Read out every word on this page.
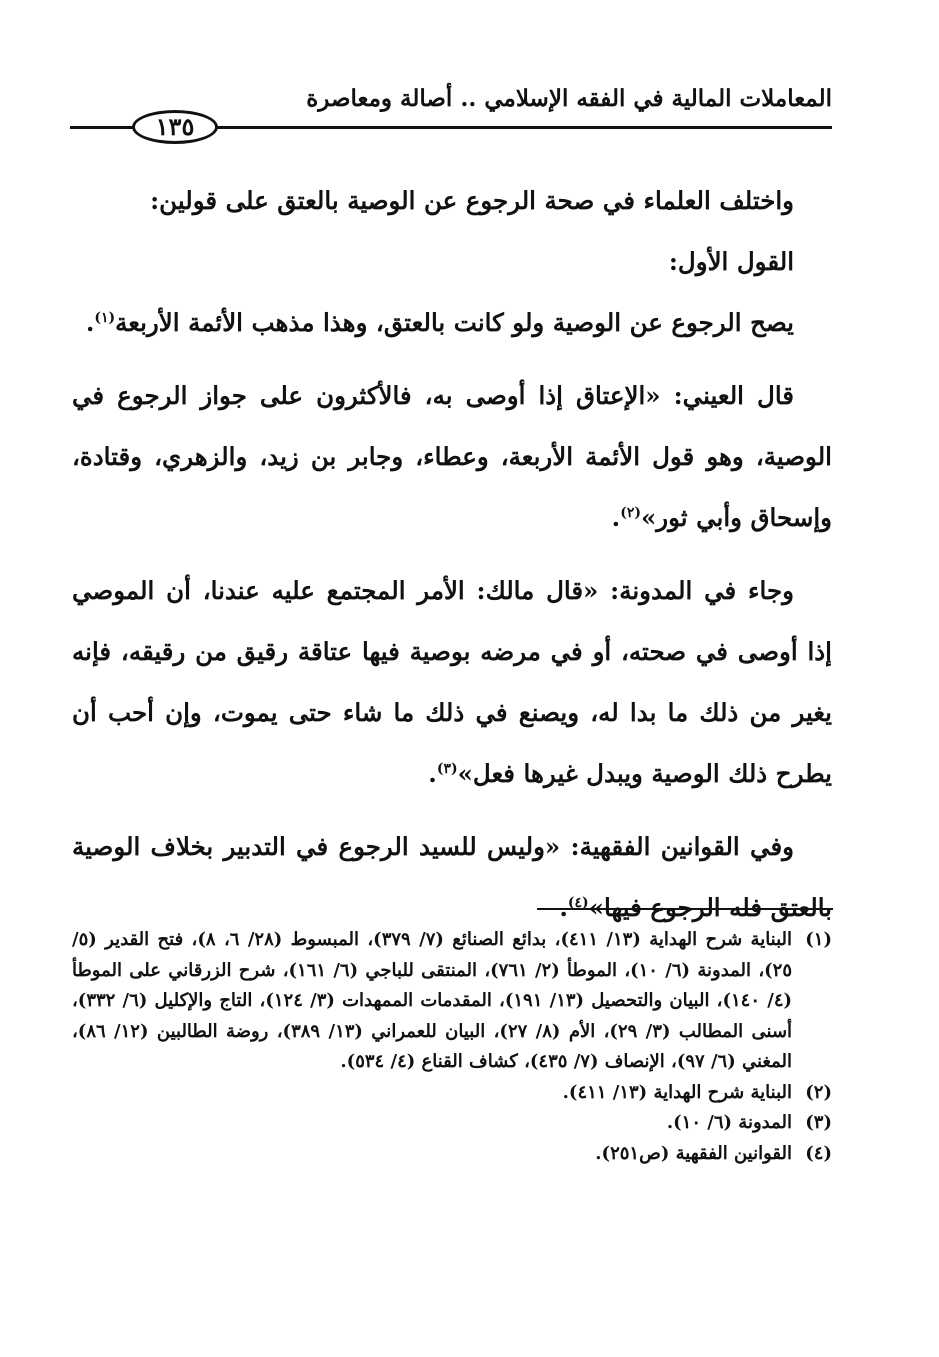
المعاملات المالية في الفقه الإسلامي .. أصالة ومعاصرة
١٣٥

واختلف العلماء في صحة الرجوع عن الوصية بالعتق على قولين:

القول الأول:

يصح الرجوع عن الوصية ولو كانت بالعتق، وهذا مذهب الأئمة الأربعة$^{(١)}$.

قال العيني: «الإعتاق إذا أوصى به، فالأكثرون على جواز الرجوع في الوصية، وهو قول الأئمة الأربعة، وعطاء، وجابر بن زيد، والزهري، وقتادة، وإسحاق وأبي ثور»$^{(٢)}$.

وجاء في المدونة: «قال مالك: الأمر المجتمع عليه عندنا، أن الموصي إذا أوصى في صحته، أو في مرضه بوصية فيها عتاقة رقيق من رقيقه، فإنه يغير من ذلك ما بدا له، ويصنع في ذلك ما شاء حتى يموت، وإن أحب أن يطرح ذلك الوصية ويبدل غيرها فعل»$^{(٣)}$.

وفي القوانين الفقهية: «وليس للسيد الرجوع في التدبير بخلاف الوصية بالعتق فله الرجوع فيها»$^{(٤)}$.

(١)
البناية شرح الهداية (١٣/ ٤١١)، بدائع الصنائع (٧/ ٣٧٩)، المبسوط (٢٨/ ٦، ٨)، فتح القدير (٥/ ٢٥)، المدونة (٦/ ١٠)، الموطأ (٢/ ٧٦١)، المنتقى للباجي (٦/ ١٦١)، شرح الزرقاني على الموطأ (٤/ ١٤٠)، البيان والتحصيل (١٣/ ١٩١)، المقدمات الممهدات (٣/ ١٢٤)، التاج والإكليل (٦/ ٣٣٢)، أسنى المطالب (٣/ ٢٩)، الأم (٨/ ٢٧)، البيان للعمراني (١٣/ ٣٨٩)، روضة الطالبين (١٢/ ٨٦)، المغني (٦/ ٩٧)، الإنصاف (٧/ ٤٣٥)، كشاف القناع (٤/ ٥٣٤).
(٢)
البناية شرح الهداية (١٣/ ٤١١).
(٣)
المدونة (٦/ ١٠).
(٤)
القوانين الفقهية (ص٢٥١).
